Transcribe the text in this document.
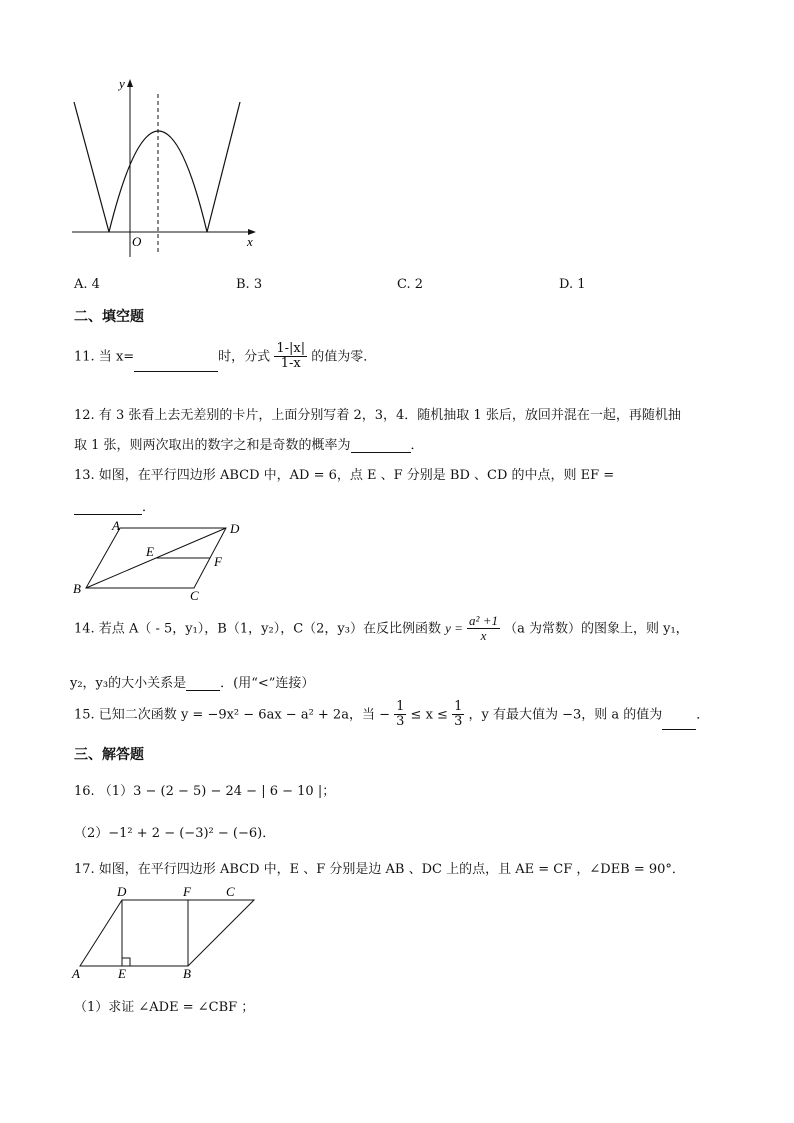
y
x
O
A. 4	B. 3	C. 2	D. 1
二、填空题
11. 当 x=	时，分式 $\frac{1-|x|}{1-x}$ 的值为零．
12. 有 3 张看上去无差别的卡片，上面分别写着 2，3，4．随机抽取 1 张后，放回并混在一起，再随机抽
取 1 张，则两次取出的数字之和是奇数的概率为	．
13. 如图，在平行四边形 ABCD 中，AD = 6，点 E 、F 分别是 BD 、CD 的中点，则 EF =
．
A	D
E
F
B	C
14. 若点 A（ - 5，y₁），B（1，y₂），C（2，y₃）在反比例函数 $y = \frac{\text{a² +1}}{x} (a$ 为常数）的图象上，则 y₁，
y₂，y₃的大小关系是	．(用“<”连接）
15. 已知二次函数 y = −9x² − 6ax − a² + 2a，当 − $\frac{1}{3} \le x \le \frac{1}{3}$ ，y 有最大值为 −3，则 a 的值为	．
三、解答题
16. （1）3 − (2 − 5) − 24 − | 6 − 10 |；
（2）−1² + 2 − (−3)² − (−6)．
17. 如图，在平行四边形 ABCD 中，E 、F 分别是边 AB 、DC 上的点，且 AE = CF ，∠DEB = 90°．
D	F	C
A	E	B
（1）求证 ∠ADE = ∠CBF ；
